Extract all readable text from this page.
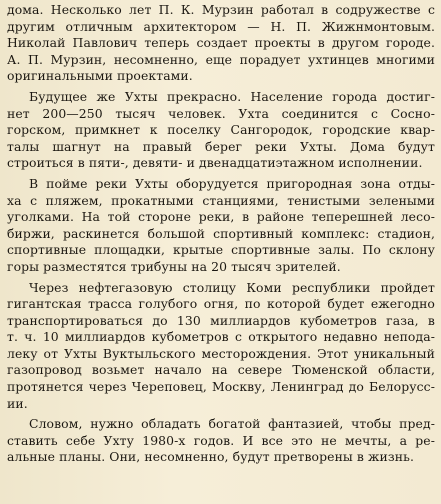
дома. Несколько лет П. К. Мурзин работал в содружестве с
другим отличным архитектором — Н. П. Жижнмонтовым.
Николай Павлович теперь создает проекты в другом городе.
А. П. Мурзин, несомненно, еще порадует ухтинцев многими
оригинальными проектами.
Будущее же Ухты прекрасно. Население города достиг-
нет 200—250 тысяч человек. Ухта соединится с Сосно-
горском, примкнет к поселку Сангородок, городские квар-
талы шагнут на правый берег реки Ухты. Дома будут
строиться в пяти-, девяти- и двенадцатиэтажном исполнении.
В пойме реки Ухты оборудуется пригородная зона отды-
ха с пляжем, прокатными станциями, тенистыми зелеными
уголками. На той стороне реки, в районе теперешней лесо-
биржи, раскинется большой спортивный комплекс: стадион,
спортивные площадки, крытые спортивные залы. По склону
горы разместятся трибуны на 20 тысяч зрителей.
Через нефтегазовую столицу Коми республики пройдет
гигантская трасса голубого огня, по которой будет ежегодно
транспортироваться до 130 миллиардов кубометров газа, в
т. ч. 10 миллиардов кубометров с открытого недавно непода-
леку от Ухты Вуктыльского месторождения. Этот уникальный
газопровод возьмет начало на севере Тюменской области,
протянется через Череповец, Москву, Ленинград до Белорусс-
ии.
Словом, нужно обладать богатой фантазией, чтобы пред-
ставить себе Ухту 1980-х годов. И все это не мечты, а ре-
альные планы. Они, несомненно, будут претворены в жизнь.
